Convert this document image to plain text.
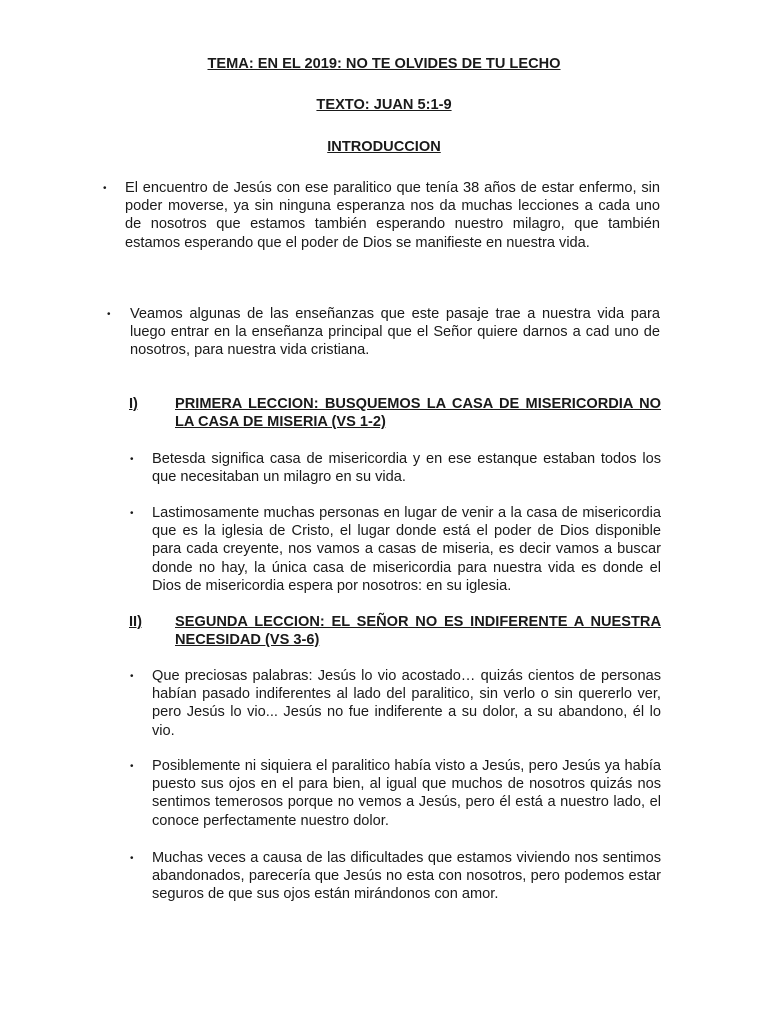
TEMA: EN EL 2019: NO TE OLVIDES DE TU LECHO
TEXTO: JUAN 5:1-9
INTRODUCCION
• El encuentro de Jesús con ese paralitico que tenía 38 años de estar enfermo, sin poder moverse, ya sin ninguna esperanza nos da muchas lecciones a cada uno de nosotros que estamos también esperando nuestro milagro, que también estamos esperando que el poder de Dios se manifieste en nuestra vida.

• Veamos algunas de las enseñanzas que este pasaje trae a nuestra vida para luego entrar en la enseñanza principal que el Señor quiere darnos a cad uno de nosotros, para nuestra vida cristiana.

I)	PRIMERA LECCION: BUSQUEMOS LA CASA DE MISERICORDIA NO LA CASA DE MISERIA (VS 1-2)

• Betesda significa casa de misericordia y en ese estanque estaban todos los que necesitaban un milagro en su vida.

• Lastimosamente muchas personas en lugar de venir a la casa de misericordia que es la iglesia de Cristo, el lugar donde está el poder de Dios disponible para cada creyente, nos vamos a casas de miseria, es decir vamos a buscar donde no hay, la única casa de misericordia para nuestra vida es donde el Dios de misericordia espera por nosotros: en su iglesia.

II) SEGUNDA LECCION: EL SEÑOR NO ES INDIFERENTE A NUESTRA NECESIDAD (VS 3-6)

• Que preciosas palabras: Jesús lo vio acostado… quizás cientos de personas habían pasado indiferentes al lado del paralitico, sin verlo o sin quererlo ver, pero Jesús lo vio... Jesús no fue indiferente a su dolor, a su abandono, él lo vio.

• Posiblemente ni siquiera el paralitico había visto a Jesús, pero Jesús ya había puesto sus ojos en el para bien, al igual que muchos de nosotros quizás nos sentimos temerosos porque no vemos a Jesús, pero él está a nuestro lado, el conoce perfectamente nuestro dolor.

• Muchas veces a causa de las dificultades que estamos viviendo nos sentimos abandonados, parecería que Jesús no esta con nosotros, pero podemos estar seguros de que sus ojos están mirándonos con amor.
